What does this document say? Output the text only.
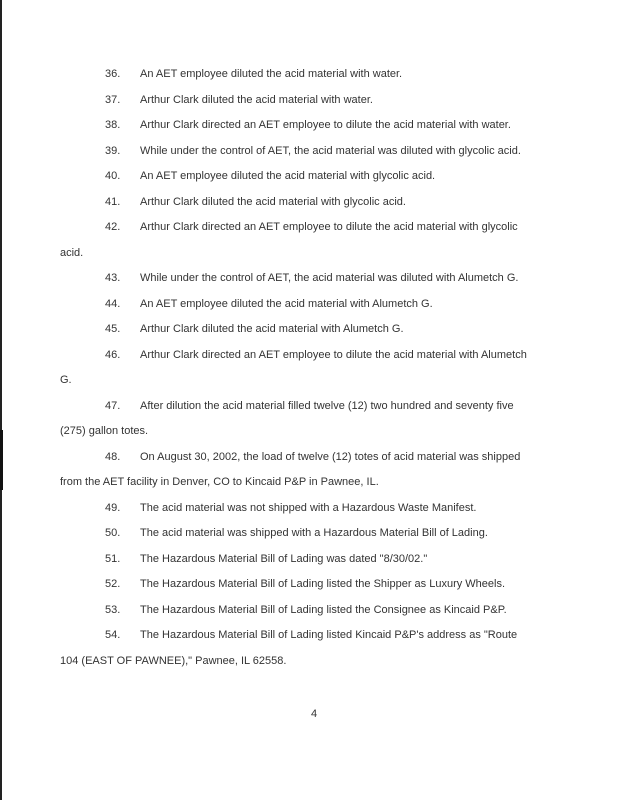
36. An AET employee diluted the acid material with water.
37. Arthur Clark diluted the acid material with water.
38. Arthur Clark directed an AET employee to dilute the acid material with water.
39. While under the control of AET, the acid material was diluted with glycolic acid.
40. An AET employee diluted the acid material with glycolic acid.
41. Arthur Clark diluted the acid material with glycolic acid.
42. Arthur Clark directed an AET employee to dilute the acid material with glycolic
acid.
43. While under the control of AET, the acid material was diluted with Alumetch G.
44. An AET employee diluted the acid material with Alumetch G.
45. Arthur Clark diluted the acid material with Alumetch G.
46. Arthur Clark directed an AET employee to dilute the acid material with Alumetch
G.
47. After dilution the acid material filled twelve (12) two hundred and seventy five
(275) gallon totes.
48. On August 30, 2002, the load of twelve (12) totes of acid material was shipped
from the AET facility in Denver, CO to Kincaid P&P in Pawnee, IL.
49. The acid material was not shipped with a Hazardous Waste Manifest.
50. The acid material was shipped with a Hazardous Material Bill of Lading.
51. The Hazardous Material Bill of Lading was dated "8/30/02."
52. The Hazardous Material Bill of Lading listed the Shipper as Luxury Wheels.
53. The Hazardous Material Bill of Lading listed the Consignee as Kincaid P&P.
54. The Hazardous Material Bill of Lading listed Kincaid P&P's address as "Route
104 (EAST OF PAWNEE)," Pawnee, IL 62558.
4
